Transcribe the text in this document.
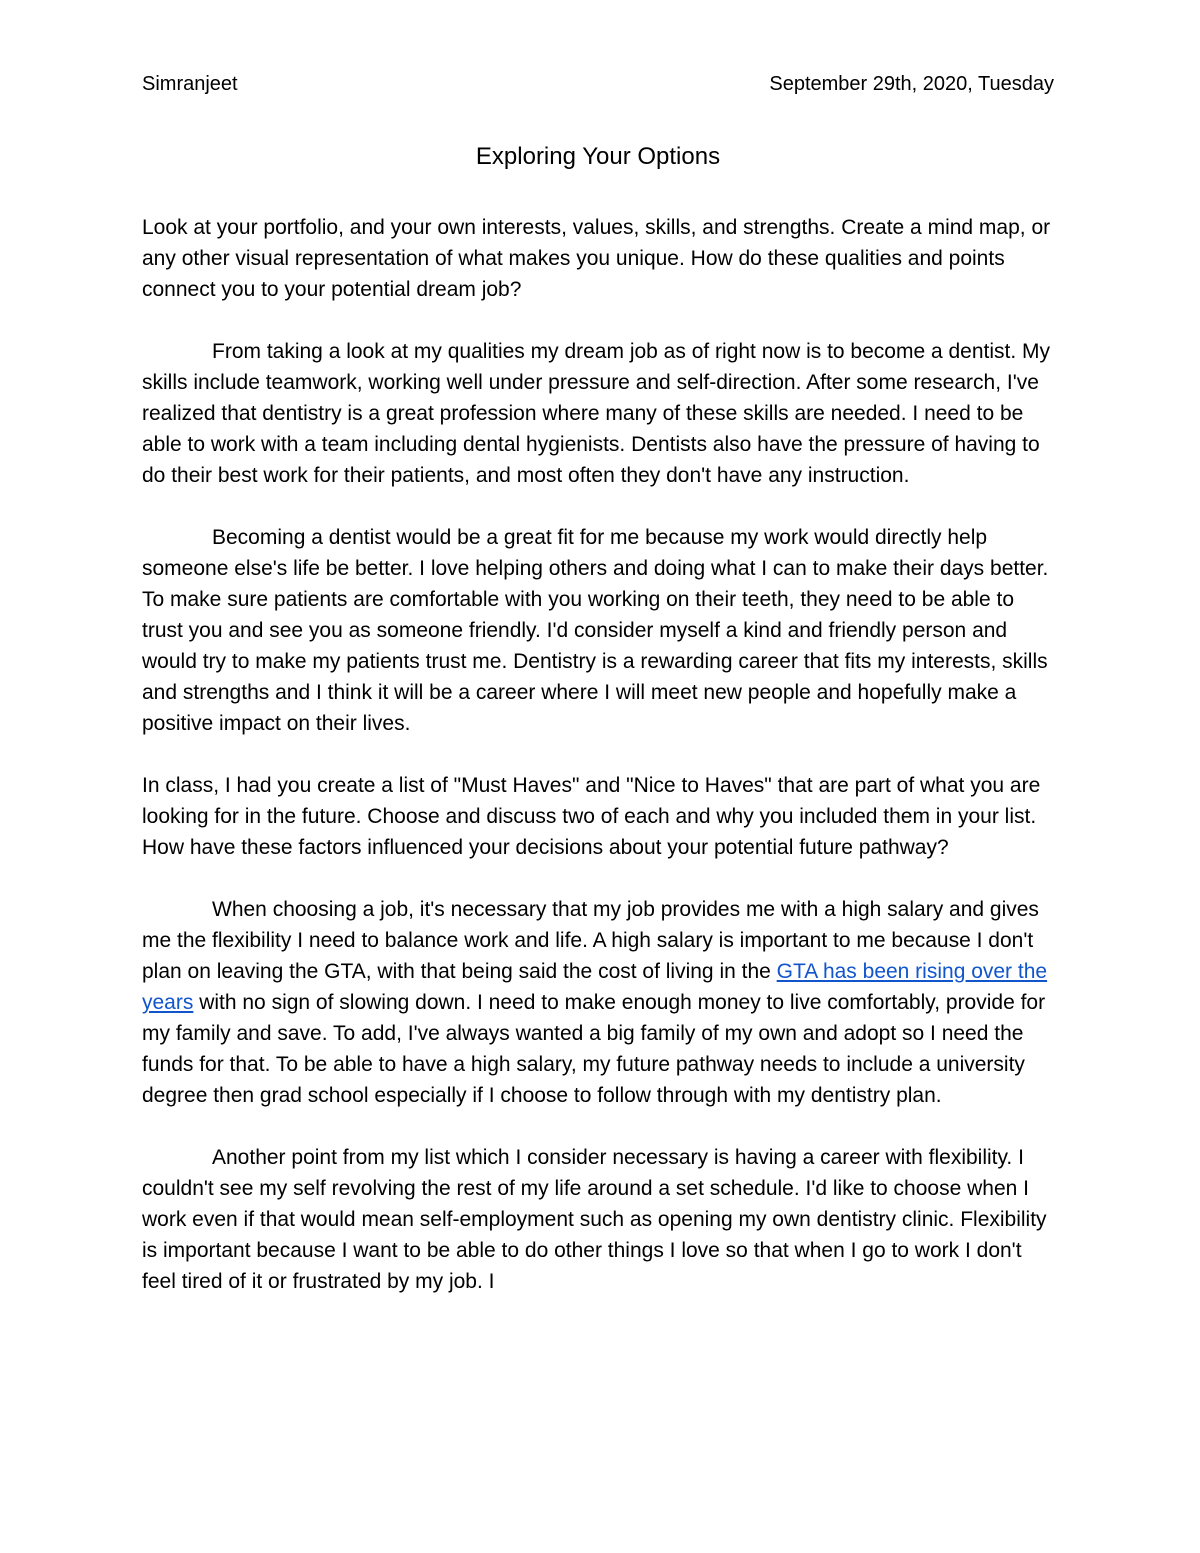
Simranjeet	September 29th, 2020, Tuesday
Exploring Your Options

Look at your portfolio, and your own interests, values, skills, and strengths. Create a mind map, or any other visual representation of what makes you unique. How do these qualities and points connect you to your potential dream job?

From taking a look at my qualities my dream job as of right now is to become a dentist. My skills include teamwork, working well under pressure and self-direction. After some research, I've realized that dentistry is a great profession where many of these skills are needed. I need to be able to work with a team including dental hygienists. Dentists also have the pressure of having to do their best work for their patients, and most often they don't have any instruction.

Becoming a dentist would be a great fit for me because my work would directly help someone else's life be better. I love helping others and doing what I can to make their days better. To make sure patients are comfortable with you working on their teeth, they need to be able to trust you and see you as someone friendly. I'd consider myself a kind and friendly person and would try to make my patients trust me. Dentistry is a rewarding career that fits my interests, skills and strengths and I think it will be a career where I will meet new people and hopefully make a positive impact on their lives.

In class, I had you create a list of "Must Haves" and "Nice to Haves" that are part of what you are looking for in the future. Choose and discuss two of each and why you included them in your list. How have these factors influenced your decisions about your potential future pathway?

When choosing a job, it's necessary that my job provides me with a high salary and gives me the flexibility I need to balance work and life. A high salary is important to me because I don't plan on leaving the GTA, with that being said the cost of living in the GTA has been rising over the years with no sign of slowing down. I need to make enough money to live comfortably, provide for my family and save. To add, I've always wanted a big family of my own and adopt so I need the funds for that. To be able to have a high salary, my future pathway needs to include a university degree then grad school especially if I choose to follow through with my dentistry plan.

Another point from my list which I consider necessary is having a career with flexibility. I couldn't see my self revolving the rest of my life around a set schedule. I'd like to choose when I work even if that would mean self-employment such as opening my own dentistry clinic. Flexibility is important because I want to be able to do other things I love so that when I go to work I don't feel tired of it or frustrated by my job. I
